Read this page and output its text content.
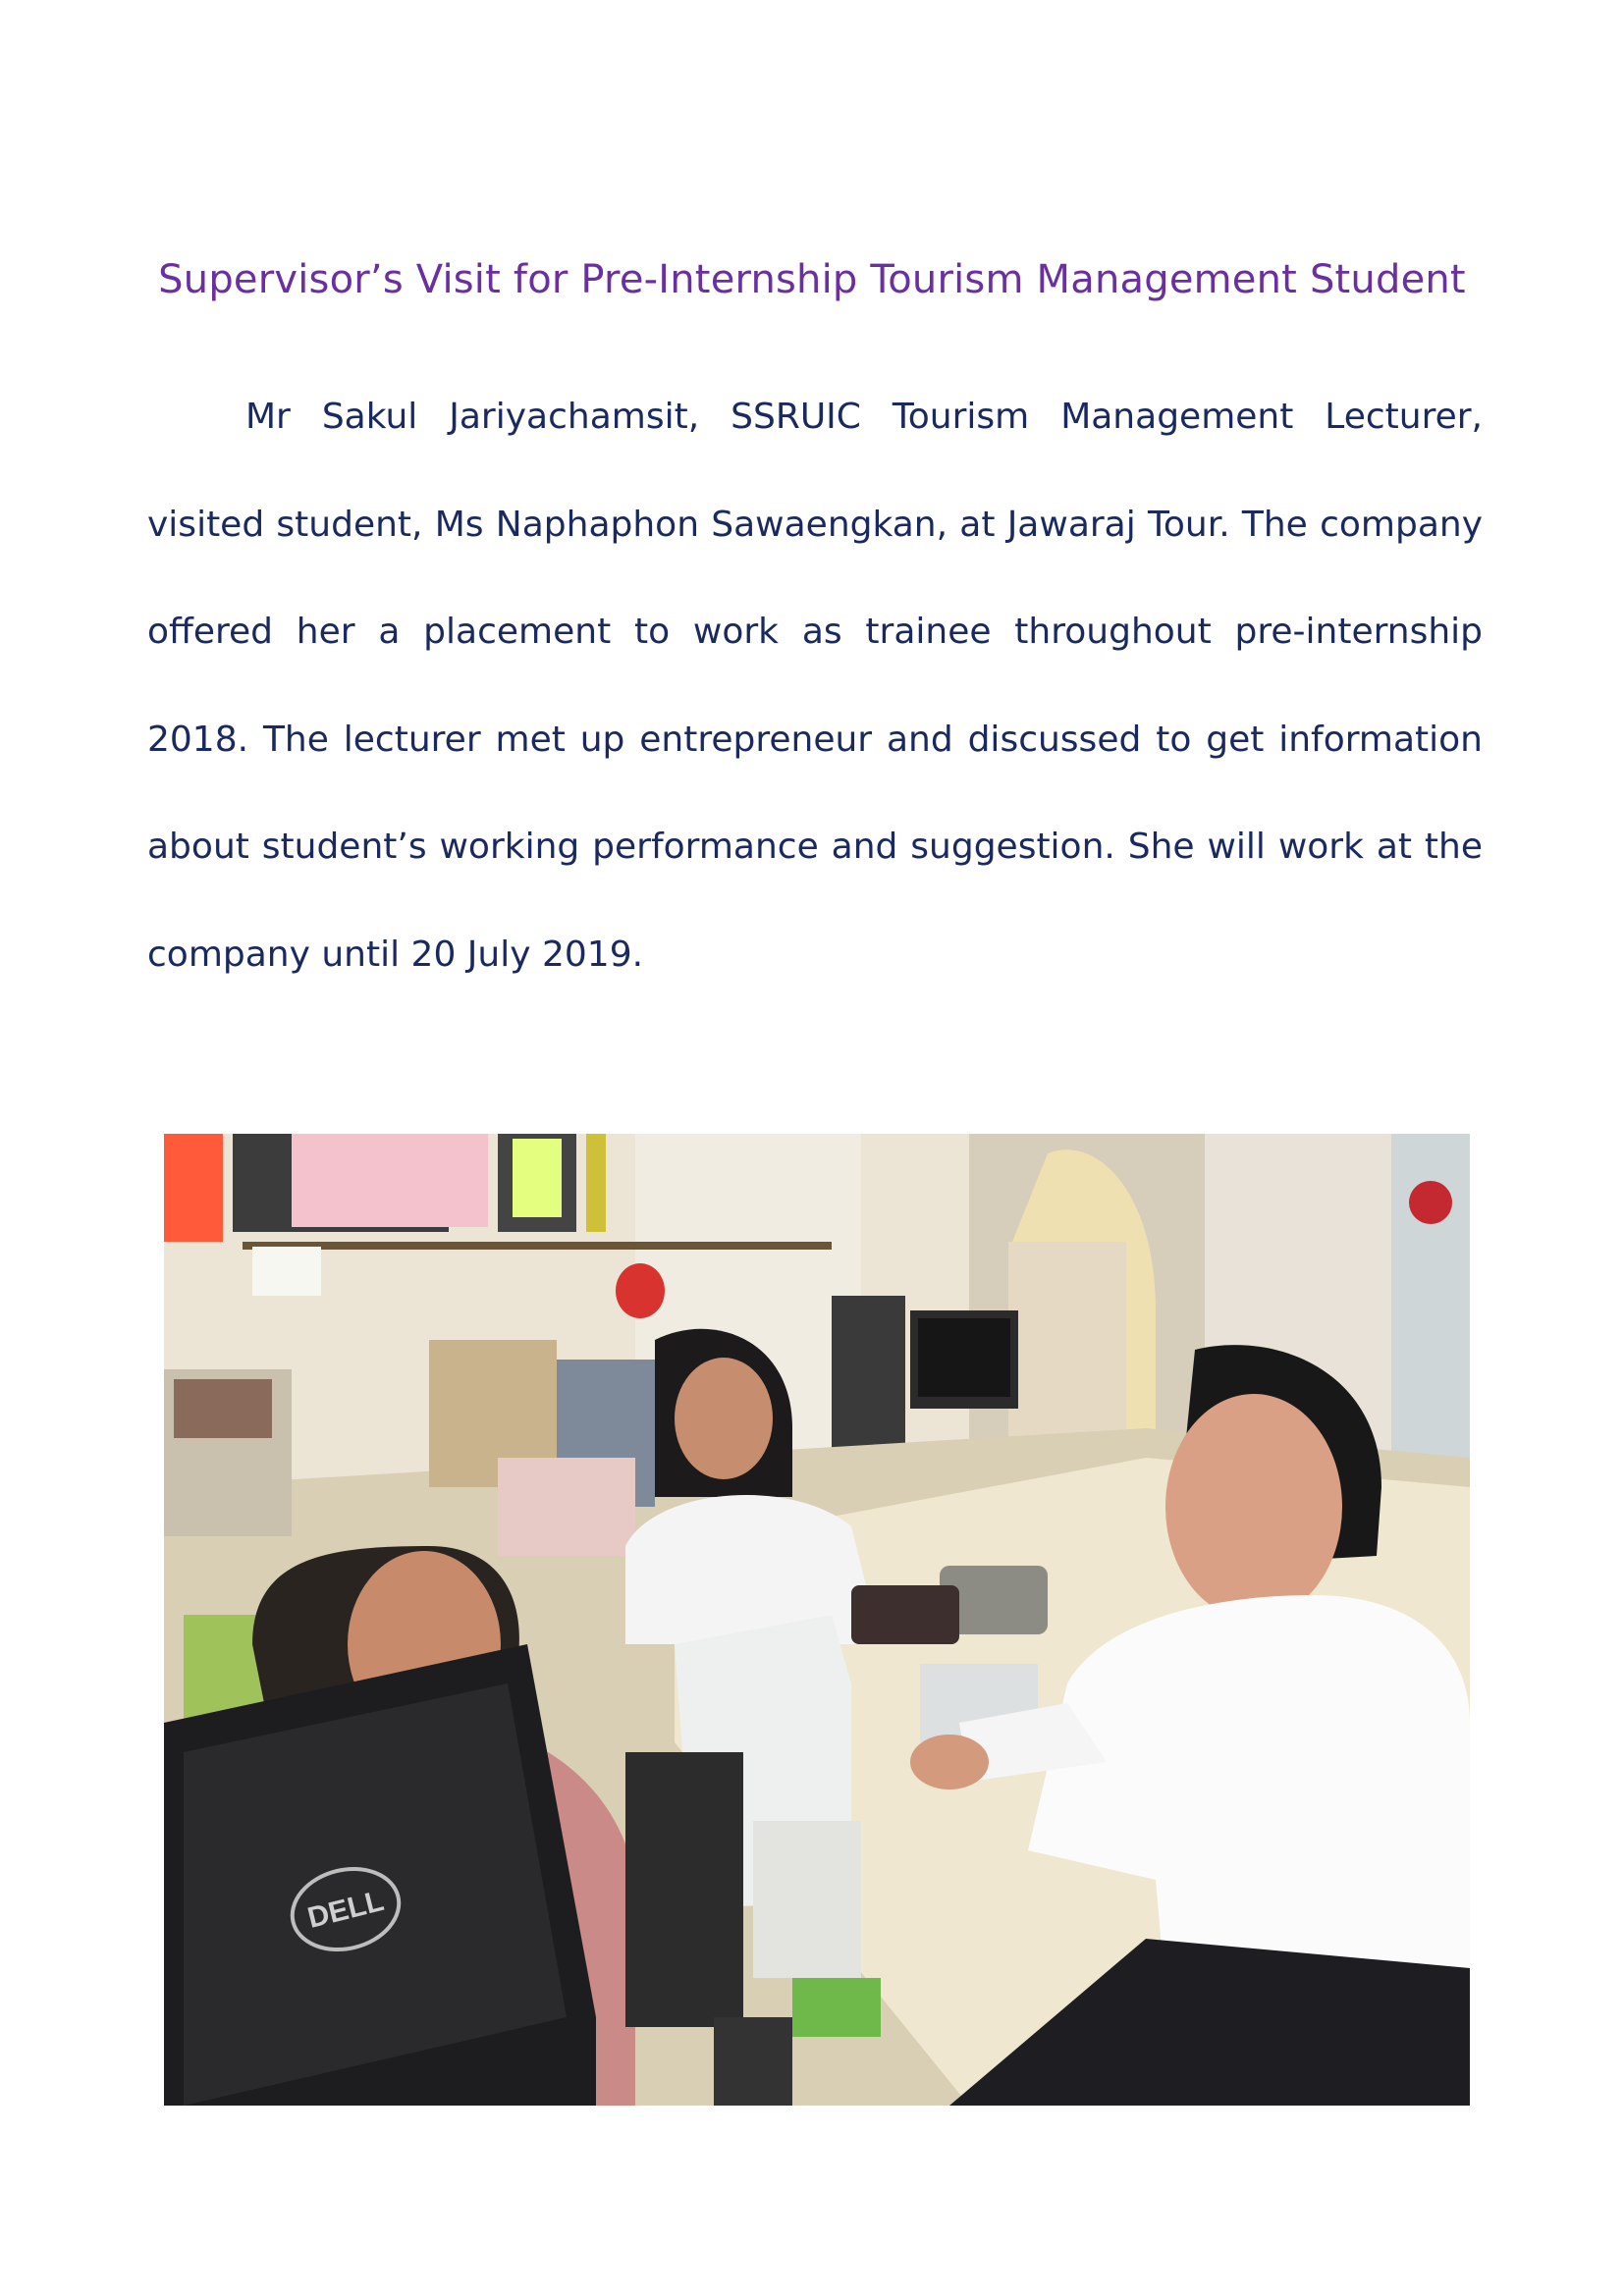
Supervisor’s Visit for Pre-Internship Tourism Management Student

Mr Sakul Jariyachamsit, SSRUIC Tourism Management Lecturer, visited student, Ms Naphaphon Sawaengkan, at Jawaraj Tour. The company offered her a placement to work as trainee throughout pre-internship 2018. The lecturer met up entrepreneur and discussed to get information about student’s working performance and suggestion. She will work at the company until 20 July 2019.

DELL
